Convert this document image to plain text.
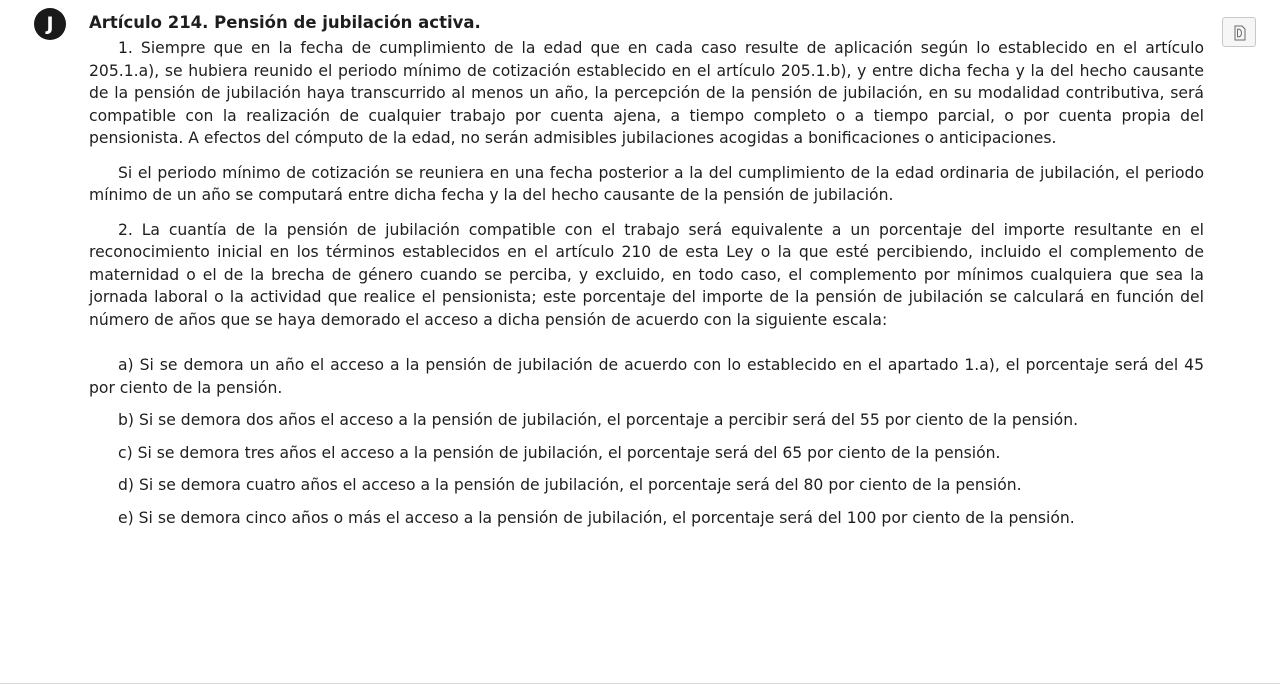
J	Artículo 214. Pensión de jubilación activa.

1. Siempre que en la fecha de cumplimiento de la edad que en cada caso resulte de aplicación según lo establecido en el artículo 205.1.a), se hubiera reunido el periodo mínimo de cotización establecido en el artículo 205.1.b), y entre dicha fecha y la del hecho causante de la pensión de jubilación haya transcurrido al menos un año, la percepción de la pensión de jubilación, en su modalidad contributiva, será compatible con la realización de cualquier trabajo por cuenta ajena, a tiempo completo o a tiempo parcial, o por cuenta propia del pensionista. A efectos del cómputo de la edad, no serán admisibles jubilaciones acogidas a bonificaciones o anticipaciones.

Si el periodo mínimo de cotización se reuniera en una fecha posterior a la del cumplimiento de la edad ordinaria de jubilación, el periodo mínimo de un año se computará entre dicha fecha y la del hecho causante de la pensión de jubilación.

2. La cuantía de la pensión de jubilación compatible con el trabajo será equivalente a un porcentaje del importe resultante en el reconocimiento inicial en los términos establecidos en el artículo 210 de esta Ley o la que esté percibiendo, incluido el complemento de maternidad o el de la brecha de género cuando se perciba, y excluido, en todo caso, el complemento por mínimos cualquiera que sea la jornada laboral o la actividad que realice el pensionista; este porcentaje del importe de la pensión de jubilación se calculará en función del número de años que se haya demorado el acceso a dicha pensión de acuerdo con la siguiente escala:

a) Si se demora un año el acceso a la pensión de jubilación de acuerdo con lo establecido en el apartado 1.a), el porcentaje será del 45 por ciento de la pensión.

b) Si se demora dos años el acceso a la pensión de jubilación, el porcentaje a percibir será del 55 por ciento de la pensión.

c) Si se demora tres años el acceso a la pensión de jubilación, el porcentaje será del 65 por ciento de la pensión.

d) Si se demora cuatro años el acceso a la pensión de jubilación, el porcentaje será del 80 por ciento de la pensión.

e) Si se demora cinco años o más el acceso a la pensión de jubilación, el porcentaje será del 100 por ciento de la pensión.
